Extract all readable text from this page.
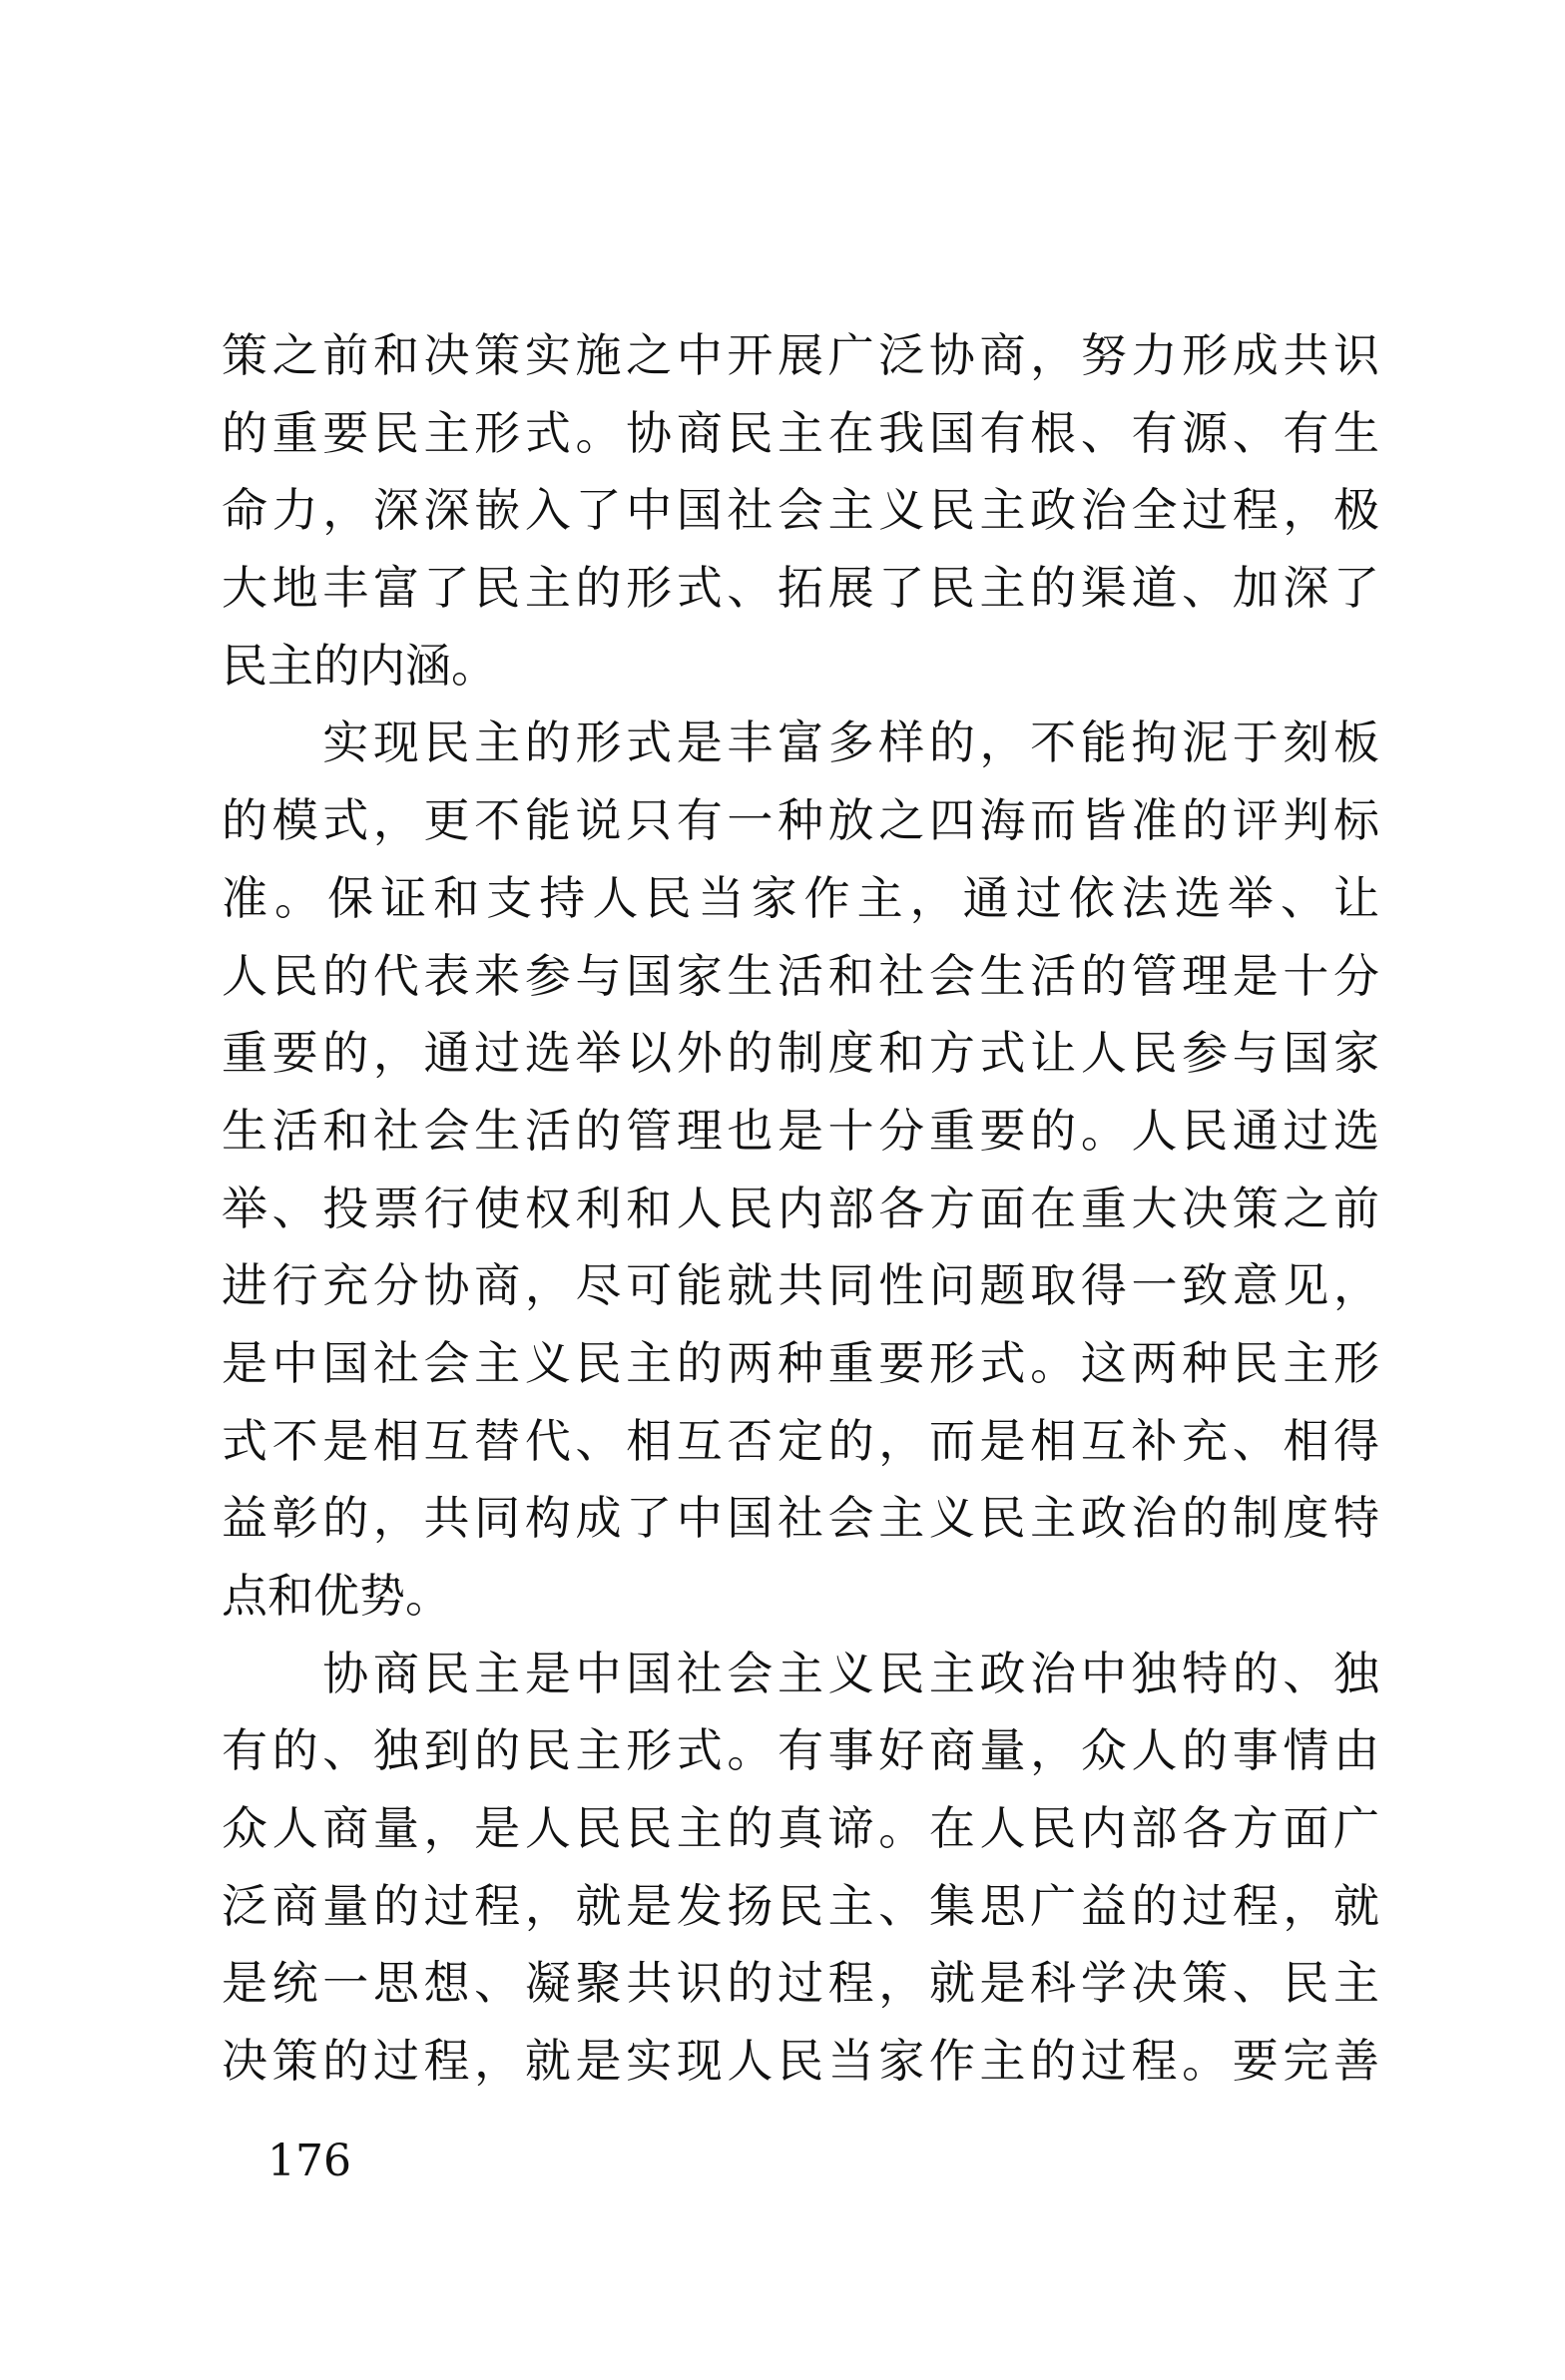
策之前和决策实施之中开展广泛协商，努力形成共识
的重要民主形式。协商民主在我国有根、有源、有生
命力，深深嵌入了中国社会主义民主政治全过程，极
大地丰富了民主的形式、拓展了民主的渠道、加深了
民主的内涵。
　　实现民主的形式是丰富多样的，不能拘泥于刻板
的模式，更不能说只有一种放之四海而皆准的评判标
准。保证和支持人民当家作主，通过依法选举、让
人民的代表来参与国家生活和社会生活的管理是十分
重要的，通过选举以外的制度和方式让人民参与国家
生活和社会生活的管理也是十分重要的。人民通过选
举、投票行使权利和人民内部各方面在重大决策之前
进行充分协商，尽可能就共同性问题取得一致意见，
是中国社会主义民主的两种重要形式。这两种民主形
式不是相互替代、相互否定的，而是相互补充、相得
益彰的，共同构成了中国社会主义民主政治的制度特
点和优势。
　　协商民主是中国社会主义民主政治中独特的、独
有的、独到的民主形式。有事好商量，众人的事情由
众人商量，是人民民主的真谛。在人民内部各方面广
泛商量的过程，就是发扬民主、集思广益的过程，就
是统一思想、凝聚共识的过程，就是科学决策、民主
决策的过程，就是实现人民当家作主的过程。要完善
176
